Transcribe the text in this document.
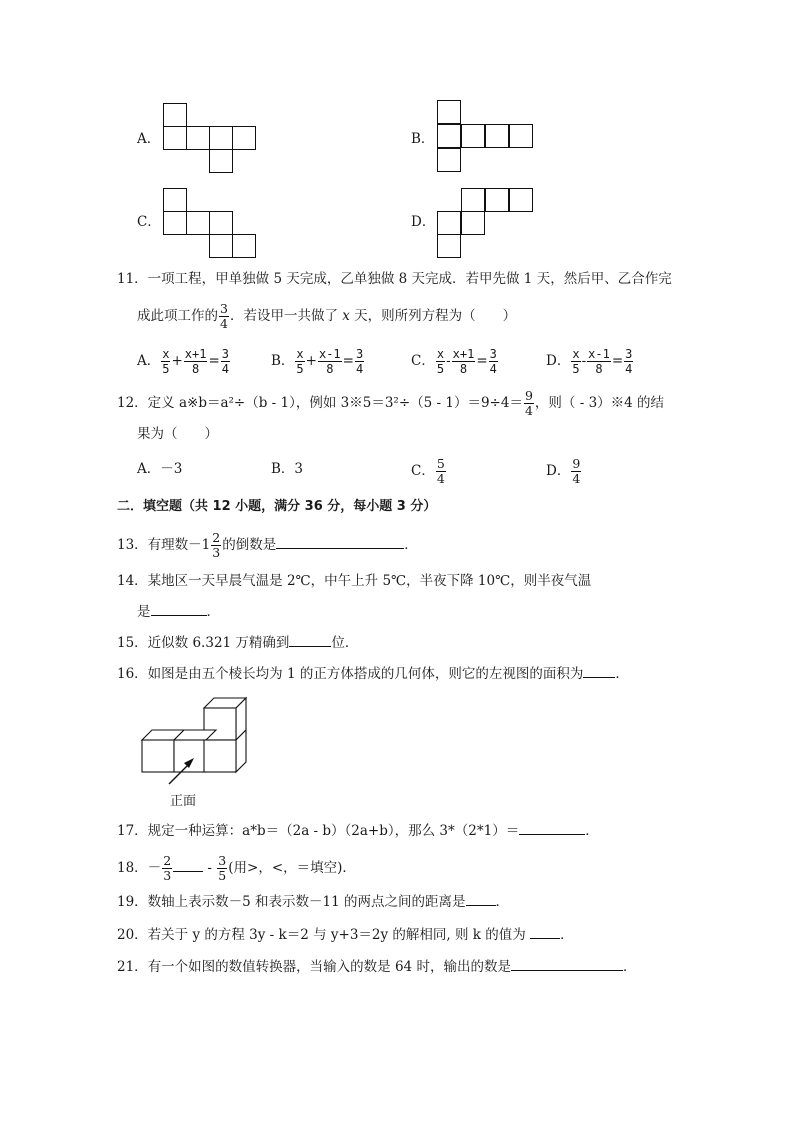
A．	B．
C．	D．
11．一项工程，甲单独做 5 天完成，乙单独做 8 天完成．若甲先做 1 天，然后甲、乙合作完
成此项工作的 $\frac{3}{4}$ ．若设甲一共做了 x 天，则所列方程为（　　）
A． $\frac{x}{5} + \frac{x+1}{8} = \frac{3}{4}$	B． $\frac{x}{5} + \frac{x-1}{8} = \frac{3}{4}$	C． $\frac{x}{5} - \frac{x+1}{8} = \frac{3}{4}$	D． $\frac{x}{5} - \frac{x-1}{8} = \frac{3}{4}$
12．定义 a※b＝a²÷（b - 1），例如 3※5＝3²÷（5 - $1)=9\div 4= \frac{9}{4}$ ，则（ - 3）※4 的结
果为（　　）
A．－3	B．3	C． $\frac{5}{4}$	D． $\frac{9}{4}$
二．填空题（共 12 小题，满分 36 分，每小题 3 分）
13．有理数$-1 \frac{2}{3}$ 的倒数是	．
14．某地区一天早晨气温是 2℃，中午上升 5℃，半夜下降 10℃，则半夜气温
是	．
15．近似数 6.321 万精确到	位．
16．如图是由五个棱长均为 1 的正方体搭成的几何体，则它的左视图的面积为 ．
正面
17．规定一种运算：a*b＝（2a - b）（2a+b），那么 3*（2*1）＝	．
18．－ $\frac{2}{3} - \frac{3}{5}$ (用>，<，＝填空)．
19．数轴上表示数－5 和表示数－11 的两点之间的距离是 ．
20．若关于 y 的方程 3y - k＝2 与 y+3＝2y 的解相同, 则 k 的值为 ．
21．有一个如图的数值转换器，当输入的数是 64 时，输出的数是	．
